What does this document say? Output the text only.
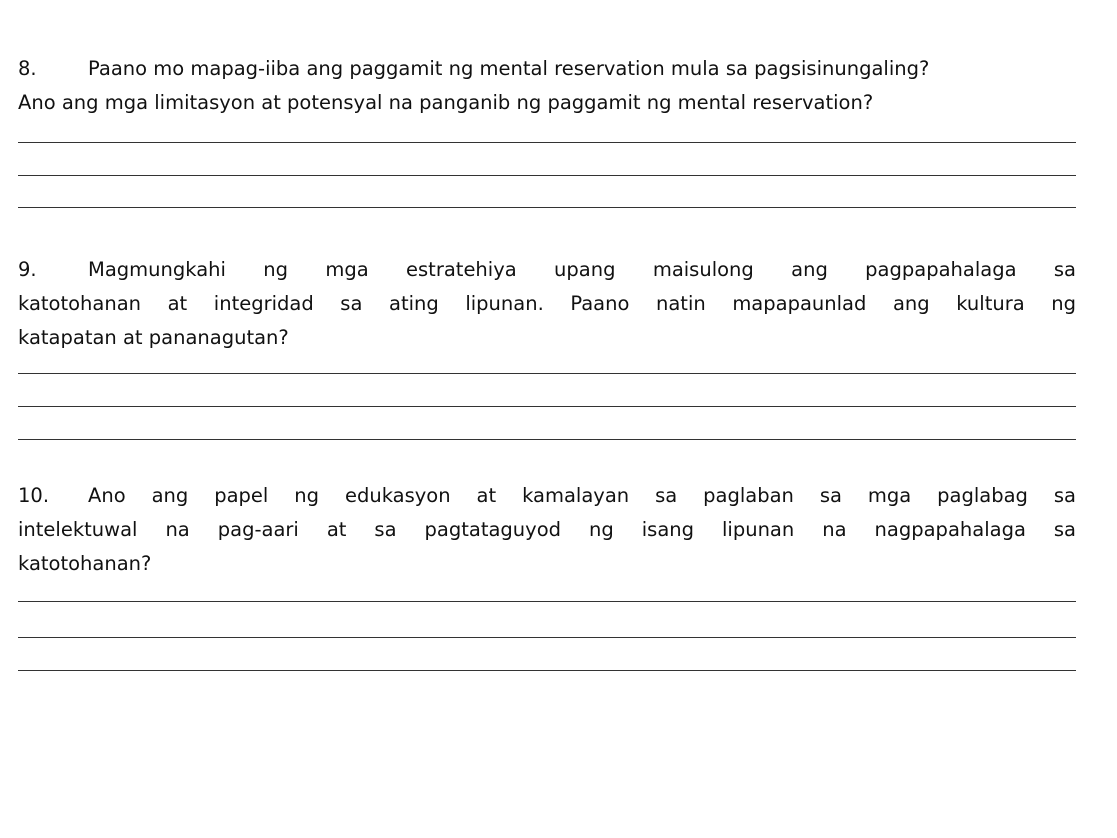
8.	Paano mo mapag-iiba ang paggamit ng mental reservation mula sa pagsisinungaling?
Ano ang mga limitasyon at potensyal na panganib ng paggamit ng mental reservation?
9.	Magmungkahi ng mga estratehiya upang maisulong ang pagpapahalaga sa
katotohanan at integridad sa ating lipunan. Paano natin mapapaunlad ang kultura ng
katapatan at pananagutan?
10. Ano ang papel ng edukasyon at kamalayan sa paglaban sa mga paglabag sa
intelektuwal na pag-aari at sa pagtataguyod ng isang lipunan na nagpapahalaga sa
katotohanan?
